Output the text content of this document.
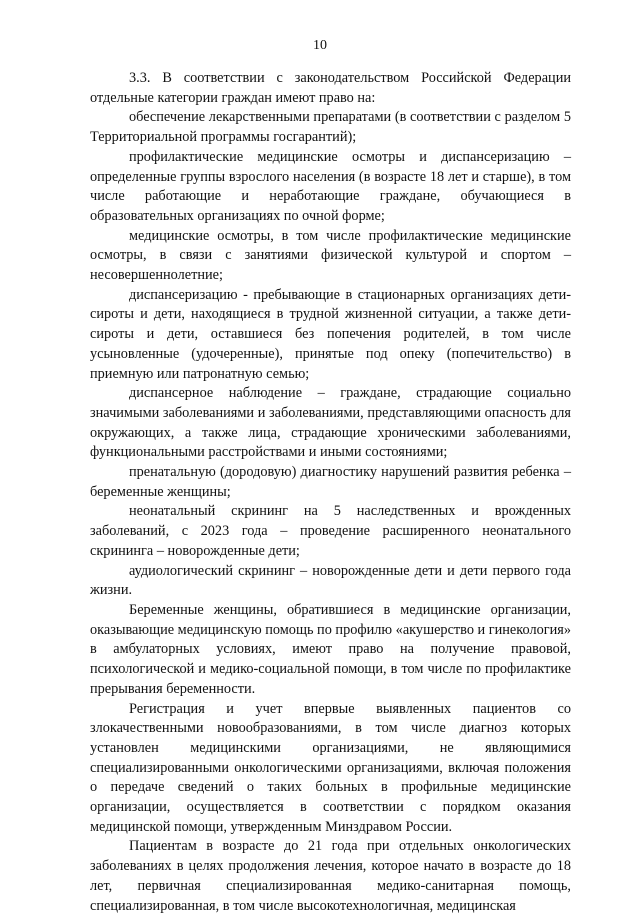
10

3.3. В соответствии с законодательством Российской Федерации отдельные категории граждан имеют право на:

обеспечение лекарственными препаратами (в соответствии с разделом 5 Территориальной программы госгарантий);

профилактические медицинские осмотры и диспансеризацию – определенные группы взрослого населения (в возрасте 18 лет и старше), в том числе работающие и неработающие граждане, обучающиеся в образовательных организациях по очной форме;

медицинские осмотры, в том числе профилактические медицинские осмотры, в связи с занятиями физической культурой и спортом – несовершеннолетние;

диспансеризацию - пребывающие в стационарных организациях дети-сироты и дети, находящиеся в трудной жизненной ситуации, а также дети-сироты и дети, оставшиеся без попечения родителей, в том числе усыновленные (удочеренные), принятые под опеку (попечительство) в приемную или патронатную семью;

диспансерное наблюдение – граждане, страдающие социально значимыми заболеваниями и заболеваниями, представляющими опасность для окружающих, а также лица, страдающие хроническими заболеваниями, функциональными расстройствами и иными состояниями;

пренатальную (дородовую) диагностику нарушений развития ребенка – беременные женщины;

неонатальный скрининг на 5 наследственных и врожденных заболеваний, с 2023 года – проведение расширенного неонатального скрининга – новорожденные дети;

аудиологический скрининг – новорожденные дети и дети первого года жизни.

Беременные женщины, обратившиеся в медицинские организации, оказывающие медицинскую помощь по профилю «акушерство и гинекология» в амбулаторных условиях, имеют право на получение правовой, психологической и медико-социальной помощи, в том числе по профилактике прерывания беременности.

Регистрация и учет впервые выявленных пациентов со злокачественными новообразованиями, в том числе диагноз которых установлен медицинскими организациями, не являющимися специализированными онкологическими организациями, включая положения о передаче сведений о таких больных в профильные медицинские организации, осуществляется в соответствии с порядком оказания медицинской помощи, утвержденным Минздравом России.

Пациентам в возрасте до 21 года при отдельных онкологических заболеваниях в целях продолжения лечения, которое начато в возрасте до 18 лет, первичная специализированная медико-санитарная помощь, специализированная, в том числе высокотехнологичная, медицинская
